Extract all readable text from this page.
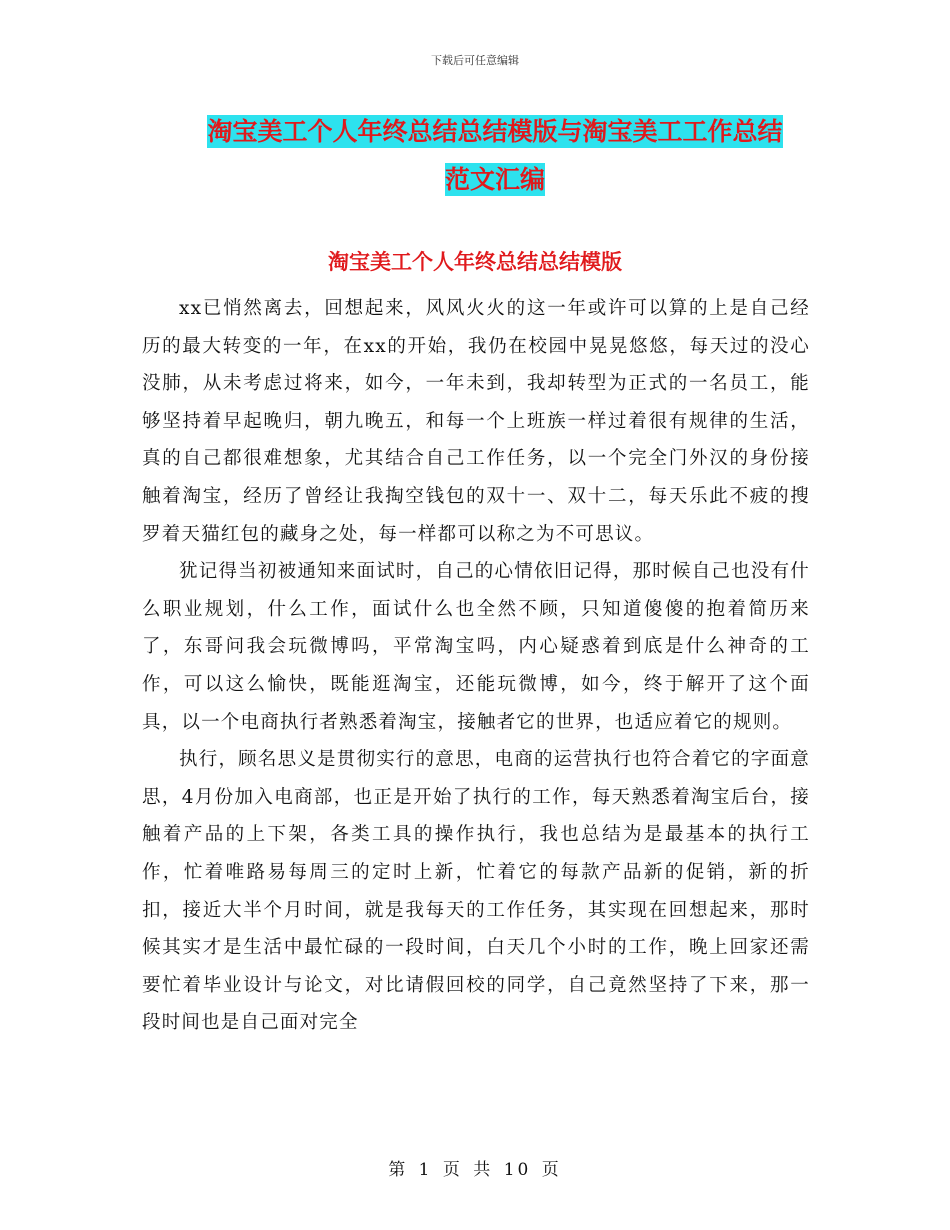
下载后可任意编辑
淘宝美工个人年终总结总结模版与淘宝美工工作总结
范文汇编
淘宝美工个人年终总结总结模版

xx已悄然离去，回想起来，风风火火的这一年或许可以算的上是自己经历的最大转变的一年，在xx的开始，我仍在校园中晃晃悠悠，每天过的没心没肺，从未考虑过将来，如今，一年未到，我却转型为正式的一名员工，能够坚持着早起晚归，朝九晚五，和每一个上班族一样过着很有规律的生活，真的自己都很难想象，尤其结合自己工作任务，以一个完全门外汉的身份接触着淘宝，经历了曾经让我掏空钱包的双十一、双十二，每天乐此不疲的搜罗着天猫红包的藏身之处，每一样都可以称之为不可思议。

犹记得当初被通知来面试时，自己的心情依旧记得，那时候自己也没有什么职业规划，什么工作，面试什么也全然不顾，只知道傻傻的抱着简历来了，东哥问我会玩微博吗，平常淘宝吗，内心疑惑着到底是什么神奇的工作，可以这么愉快，既能逛淘宝，还能玩微博，如今，终于解开了这个面具，以一个电商执行者熟悉着淘宝，接触者它的世界，也适应着它的规则。

执行，顾名思义是贯彻实行的意思，电商的运营执行也符合着它的字面意思，4月份加入电商部，也正是开始了执行的工作，每天熟悉着淘宝后台，接触着产品的上下架，各类工具的操作执行，我也总结为是最基本的执行工作，忙着唯路易每周三的定时上新，忙着它的每款产品新的促销，新的折扣，接近大半个月时间，就是我每天的工作任务，其实现在回想起来，那时候其实才是生活中最忙碌的一段时间，白天几个小时的工作，晚上回家还需要忙着毕业设计与论文，对比请假回校的同学，自己竟然坚持了下来，那一段时间也是自己面对完全

第 1 页 共 10 页
